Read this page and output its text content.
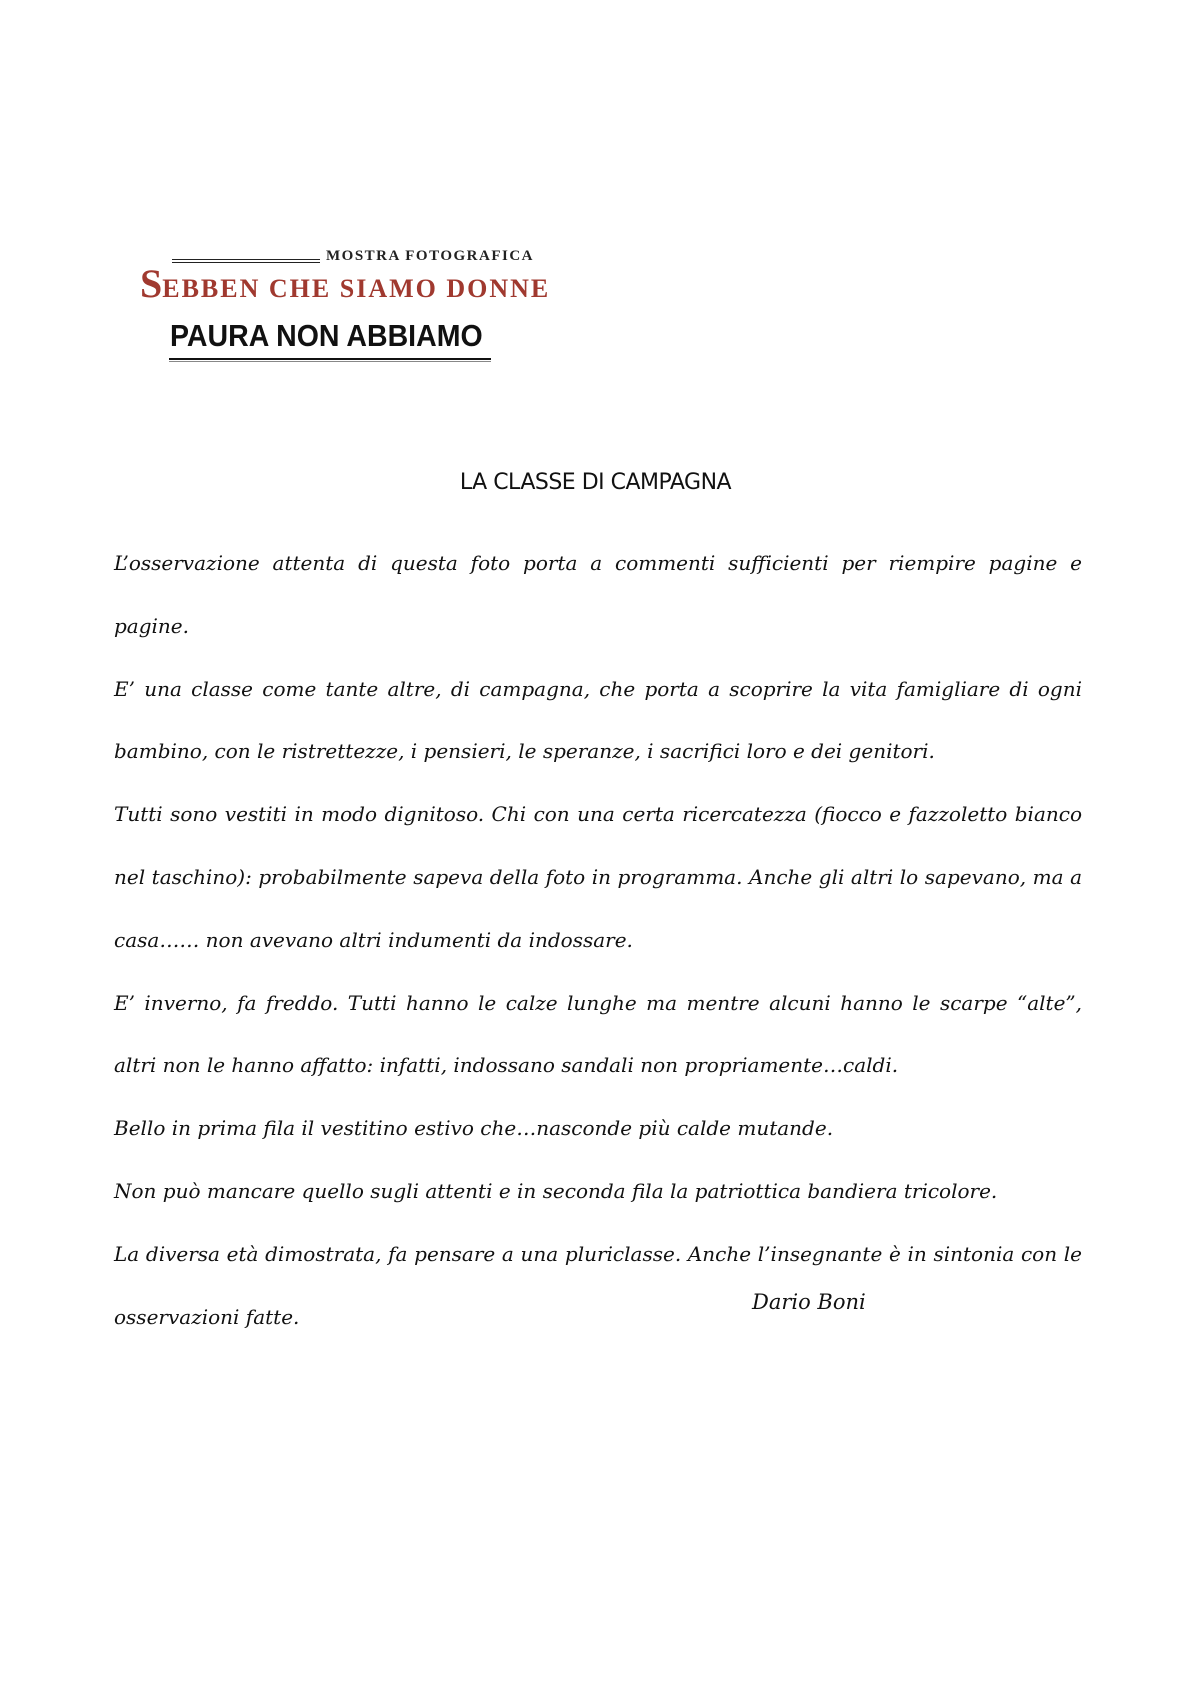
MOSTRA FOTOGRAFICA
SEBBEN CHE SIAMO DONNE
PAURA NON ABBIAMO
LA CLASSE DI CAMPAGNA

L’osservazione attenta di questa foto porta a commenti sufficienti per riempire pagine e pagine.

E’ una classe come tante altre, di campagna, che porta a scoprire la vita famigliare di ogni bambino, con le ristrettezze, i pensieri, le speranze, i sacrifici loro e dei genitori.

Tutti sono vestiti in modo dignitoso. Chi con una certa ricercatezza (fiocco e fazzoletto bianco nel taschino): probabilmente sapeva della foto in programma. Anche gli altri lo sapevano, ma a casa…… non avevano altri indumenti da indossare.

E’ inverno, fa freddo. Tutti hanno le calze lunghe ma mentre alcuni hanno le scarpe “alte”, altri non le hanno affatto: infatti, indossano sandali non propriamente…caldi.

Bello in prima fila il vestitino estivo che…nasconde più calde mutande.

Non può mancare quello sugli attenti e in seconda fila la patriottica bandiera tricolore.

La diversa età dimostrata, fa pensare a una pluriclasse. Anche l’insegnante è in sintonia con le osservazioni fatte.

Dario Boni
